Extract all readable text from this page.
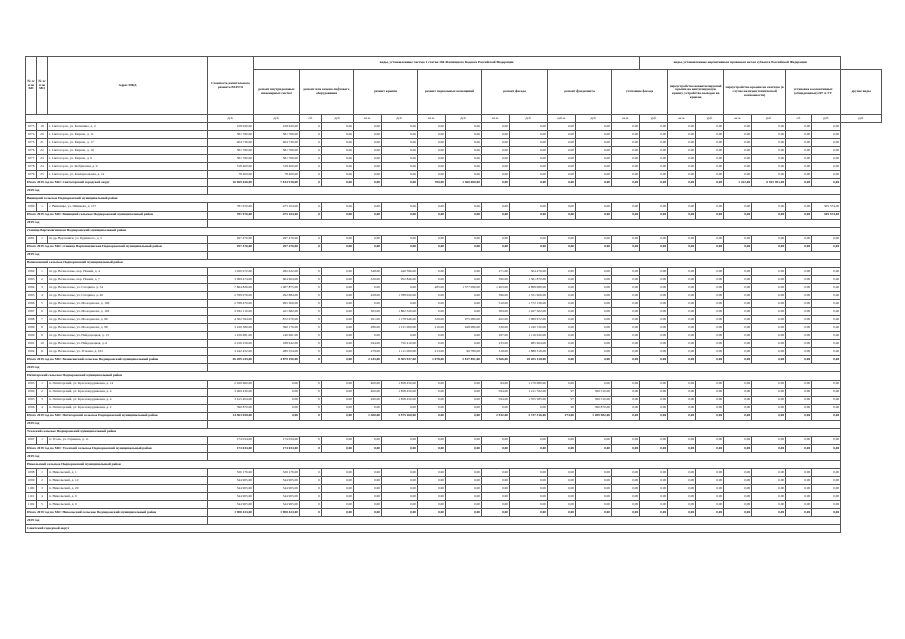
№ п/п по КП	№ п/п по МО	Адрес МКД	Стоимость капитального ремонта ВСЕГО	виды, установленные частью 1 статьи 166 Жилищного Кодекса Российской Федерации												виды, установленные нормативным правовым актом субъекта Российской Федерации							
				ремонт внутридомовых инженерных систем	ремонт или замена лифтового оборудования		ремонт крыши		ремонт подвальных помещений		ремонт фасада		ремонт фундамента		утепление фасада		переустройство невентилируемой крыши на вентилируемую крышу, устройство выходов на кровлю		переустройство крыши на скатную (в случае наличия технической возможности)		установка коллективных (общедомовых) ПУ и УУ		другие виды
			руб.	руб.	ед.	руб.	кв.м.	руб.	кв.м.	руб.	кв.м.	руб.	куб.м.	руб.	кв.м.	руб.	кв.м.	руб.	кв.м.	руб.	ед.	руб.	руб.
1073	19	г. Светогорск, ул. Калинина, д. 2	228 920,00	228 920,00	0	0,00	0,00	0,00	0,00	0,00	0,00	0,00	0,00	0,00	0,00	0,00	0,00	0,00	0,00	0,00	0,00	0,00	
1074	20	г. Светогорск, ул. Кирова, д. 11	581 760,00	581 760,00	0	0,00	0,00	0,00	0,00	0,00	0,00	0,00	0,00	0,00	0,00	0,00	0,00	0,00	0,00	0,00	0,00	0,00	
1075	21	г. Светогорск, ул. Кирова, д. 17	404 730,00	404 730,00	0	0,00	0,00	0,00	0,00	0,00	0,00	0,00	0,00	0,00	0,00	0,00	0,00	0,00	0,00	0,00	0,00	0,00	
1076	22	г. Светогорск, ул. Кирова, д. 19	581 760,00	581 760,00	0	0,00	0,00	0,00	0,00	0,00	0,00	0,00	0,00	0,00	0,00	0,00	0,00	0,00	0,00	0,00	0,00	0,00	
1077	23	г. Светогорск, ул. Кирова, д. 9	581 760,00	581 760,00	0	0,00	0,00	0,00	0,00	0,00	0,00	0,00	0,00	0,00	0,00	0,00	0,00	0,00	0,00	0,00	0,00	0,00	
1078	24	г. Светогорск, ул. Фабричная, д. 9	318 400,00	318 400,00	0	0,00	0,00	0,00	0,00	0,00	0,00	0,00	0,00	0,00	0,00	0,00	0,00	0,00	0,00	0,00	0,00	0,00	
1079	25	г. Светогорск, ул. Коммунальная, д. 14	78 400,00	78 400,00	0	0,00	0,00	0,00	0,00	0,00	0,00	0,00	0,00	0,00	0,00	0,00	0,00	0,00	0,00	0,00	0,00	0,00	
Итого 2019 год по МО: Светогорский городской округ			16 969 626,00	7 814 918,00	0	0,00	0,00	0,00	700,00	1 360 000,00	0,00	0,00	0,00	0,00	0,00	0,00	0,00	0,00	1 412,00	6 591 951,00	0,00	0,00	
2019 год																							
Виницкий сельское Подпорожский муниципальный район																							
1080	1	с. Винницы, ул. Шимаева, д. 157	781 970,00	475 104,00	0	0,00	0,00	0,00	0,00	0,00	0,00	0,00	0,00	0,00	0,00	0,00	0,00	0,00	0,00	0,00	0,00	305 574,00	
Итого 2019 год по МО: Виницкий сельское Подпорожский муниципальный район			781 970,00	475 104,00	0	0,00	0,00	0,00	0,00	0,00	0,00	0,00	0,00	0,00	0,00	0,00	0,00	0,00	0,00	0,00	0,00	305 574,00	
2019 год																							
станица Вартемягинская Подпорожский муниципальный район																							
1081	1	гп.др. Вартемяги, ул. Будённого, д. 5	297 470,00	297 470,00	0	0,00	0,00	0,00	0,00	0,00	0,00	0,00	0,00	0,00	0,00	0,00	0,00	0,00	0,00	0,00	0,00	0,00	
Итого 2019 год по МО: станица Вартемягинская Подпорожский муниципальный район			297 470,00	297 470,00	0	0,00	0,00	0,00	0,00	0,00	0,00	0,00	0,00	0,00	0,00	0,00	0,00	0,00	0,00	0,00	0,00	0,00	
2019 год																							
Вознесенский сельское Подпорожский муниципальный район																							
1082	1	гп.др. Вознесенье, пер. Новый, д. 4	1 020 072,00	282 022,00	0	0,00	348,00	440 596,00	0,00	0,00	271,00	304 476,00	0,00	0,00	0,00	0,00	0,00	0,00	0,00	0,00	0,00	0,00	
1083	2	гп.др. Вознесенье, пер. Новый, д. 7	3 099 474,00	604 904,00	0	0,00	326,00	952 846,00	0,00	0,00	590,00	1 361 870,00	0,00	0,00	0,00	0,00	0,00	0,00	0,00	0,00	0,00	0,00	
1084	3	гп.др. Вознесенье, ул. Гагарина, д. 34	7 864 826,00	1 007 875,00	0	0,00	0,00	0,00	485,00	1 377 090,00	1 403,00	4 899 080,00	0,00	0,00	0,00	0,00	0,00	0,00	0,00	0,00	0,00	0,00	
1085	4	гп.др. Вознесенье, ул. Гагарина, д. 40	2 769 976,00	292 884,00	0	0,00	428,00	1 788 920,00	0,00	0,00	396,00	1 551 906,00	0,00	0,00	0,00	0,00	0,00	0,00	0,00	0,00	0,00	0,00	
1086	5	гп.др. Вознесенье, ул. Молоденова, д. 106	2 768 470,00	995 300,00	0	0,00	0,00	0,00	0,00	0,00	510,00	1 772 136,00	0,00	0,00	0,00	0,00	0,00	0,00	0,00	0,00	0,00	0,00	
1087	6	гп.др. Вознесенье, ул. Молоденова, д. 102	2 932 110,00	421 682,00	0	0,00	363,00	1 862 520,00	0,00	0,00	309,00	1 027 302,00	0,00	0,00	0,00	0,00	0,00	0,00	0,00	0,00	0,00	0,00	
1088	7	гп.др. Вознесенье, ул. Молоденова, д. 96	4 302 594,00	872 070,00	0	0,00	291,00	1 178 646,00	329,00	975 080,00	402,00	1 089 972,00	0,00	0,00	0,00	0,00	0,00	0,00	0,00	0,00	0,00	0,00	
1089	8	гп.др. Вознесенье, ул. Молоденова, д. 98	3 220 386,00	590 176,00	0	0,00	286,00	1 131 000,00	216,00	948 980,00	336,00	1 190 720,00	0,00	0,00	0,00	0,00	0,00	0,00	0,00	0,00	0,00	0,00	
1090	9	гп.др. Вознесенье, ул. Нейдорецкая, д. 13	1 256 981,00	140 961,00	0	0,00	0,00	0,00	0,00	0,00	297,00	1 116 020,00	0,00	0,00	0,00	0,00	0,00	0,00	0,00	0,00	0,00	0,00	
1091	10	гп.др. Вознесенье, ул. Нейдорецкая, д. 6	2 016 256,00	188 942,00	0	0,00	294,00	750 410,00	0,00	0,00	235,00	985 604,00	0,00	0,00	0,00	0,00	0,00	0,00	0,00	0,00	0,00	0,00	
1092	11	гп.др. Вознесенье, ул. Угловая, д. 102	3 242 452,00	280 354,00	0	0,00	279,00	1 111 000,00	213,00	96 780,00	318,00	1 888 318,00	0,00	0,00	0,00	0,00	0,00	0,00	0,00	0,00	0,00	0,00	
Итого 2019 год по МО: Вознесенский сельское Подпорожский муниципальный район			36 209 245,00	4 879 190,00	0	0,00	2 243,00	8 305 927,00	1 078,00	2 817 891,00	5 566,00	18 205 128,00	0,00	0,00	0,00	0,00	0,00	0,00	0,00	0,00	0,00	0,00	
2019 год																							
Пятигорский сельское Подпорожский муниципальный район																							
1093	1	п. Пятигорский, ул. Краснопрудиковая, д. 14	2 020 660,00	0,00	0	0,00	400,00	1 858 450,00	0,00	0,00	84,00	1 170 080,00	0,00	0,00	0,00	0,00	0,00	0,00	0,00	0,00	0,00	0,00	
1094	2	п. Пятигорский, ул. Краснопрудиковая, д. 4	3 469 430,00	0,00	0	0,00	400,00	1 858 450,00	0,00	0,00	594,00	1 211 762,00	97	399 510,00	0,00	0,00	0,00	0,00	0,00	0,00	0,00	0,00	
1095	3	п. Пятигорский, ул. Краснопрудиковая, д. 4	3 615 404,00	0,00	0	0,00	490,00	1 858 450,00	0,00	0,00	594,00	1 355 585,00	97	399 510,00	0,00	0,00	0,00	0,00	0,00	0,00	0,00	0,00	
1096	4	п. Пятигорский, ул. Краснопрудиковая, д. 2	390 870,00	0,00	0	0,00	0,00	0,00	0,00	0,00	0,00	0,00	90	390 870,00	0,00	0,00	0,00	0,00	0,00	0,00	0,00	0,00	
Итого 2019 год по МО: Пятигорский сельское Подпорожский муниципальный район			14 563 058,00	0,00	0	0,00	1 300,00	5 575 260,00	0,00	0,00	2 932,00	3 737 316,00	274,00	1 289 982,00	0,00	0,00	0,00	0,00	0,00	0,00	0,00	0,00	
2019 год																							
Усолский сельское Подпорожский муниципальный район																							
1097	1	п. Усоль, ул. Гаршина, д. 11	174 034,00	174 034,00	0	0,00	0,00	0,00	0,00	0,00	0,00	0,00	0,00	0,00	0,00	0,00	0,00	0,00	0,00	0,00	0,00	0,00	
Итого 2019 год по МО: Усолский сельское Подпорожский муниципальный район			174 034,00	174 034,00	0	0,00	0,00	0,00	0,00	0,00	0,00	0,00	0,00	0,00	0,00	0,00	0,00	0,00	0,00	0,00	0,00	0,00	
2019 год																							
Никольский сельское Подпорожский муниципальный район																							
1098	1	п. Никольский, д. 1	326 176,00	326 176,00	0	0,00	0,00	0,00	0,00	0,00	0,00	0,00	0,00	0,00	0,00	0,00	0,00	0,00	0,00	0,00	0,00	0,00	
1099	2	п. Никольский, д. 10	344 905,00	344 905,00	0	0,00	0,00	0,00	0,00	0,00	0,00	0,00	0,00	0,00	0,00	0,00	0,00	0,00	0,00	0,00	0,00	0,00	
1100	3	п. Никольский, д. 29	344 905,00	344 905,00	0	0,00	0,00	0,00	0,00	0,00	0,00	0,00	0,00	0,00	0,00	0,00	0,00	0,00	0,00	0,00	0,00	0,00	
1101	4	п. Никольский, д. 6	344 905,00	344 905,00	0	0,00	0,00	0,00	0,00	0,00	0,00	0,00	0,00	0,00	0,00	0,00	0,00	0,00	0,00	0,00	0,00	0,00	
1102	5	п. Никольский, д. 9	344 905,00	344 905,00	0	0,00	0,00	0,00	0,00	0,00	0,00	0,00	0,00	0,00	0,00	0,00	0,00	0,00	0,00	0,00	0,00	0,00	
Итого 2019 год по МО: Никольский сельское Подпорожский муниципальный район			1 908 424,00	1 908 424,00	0	0,00	0,00	0,00	0,00	0,00	0,00	0,00	0,00	0,00	0,00	0,00	0,00	0,00	0,00	0,00	0,00	0,00	
2019 год																							
Советский городской округ																							
